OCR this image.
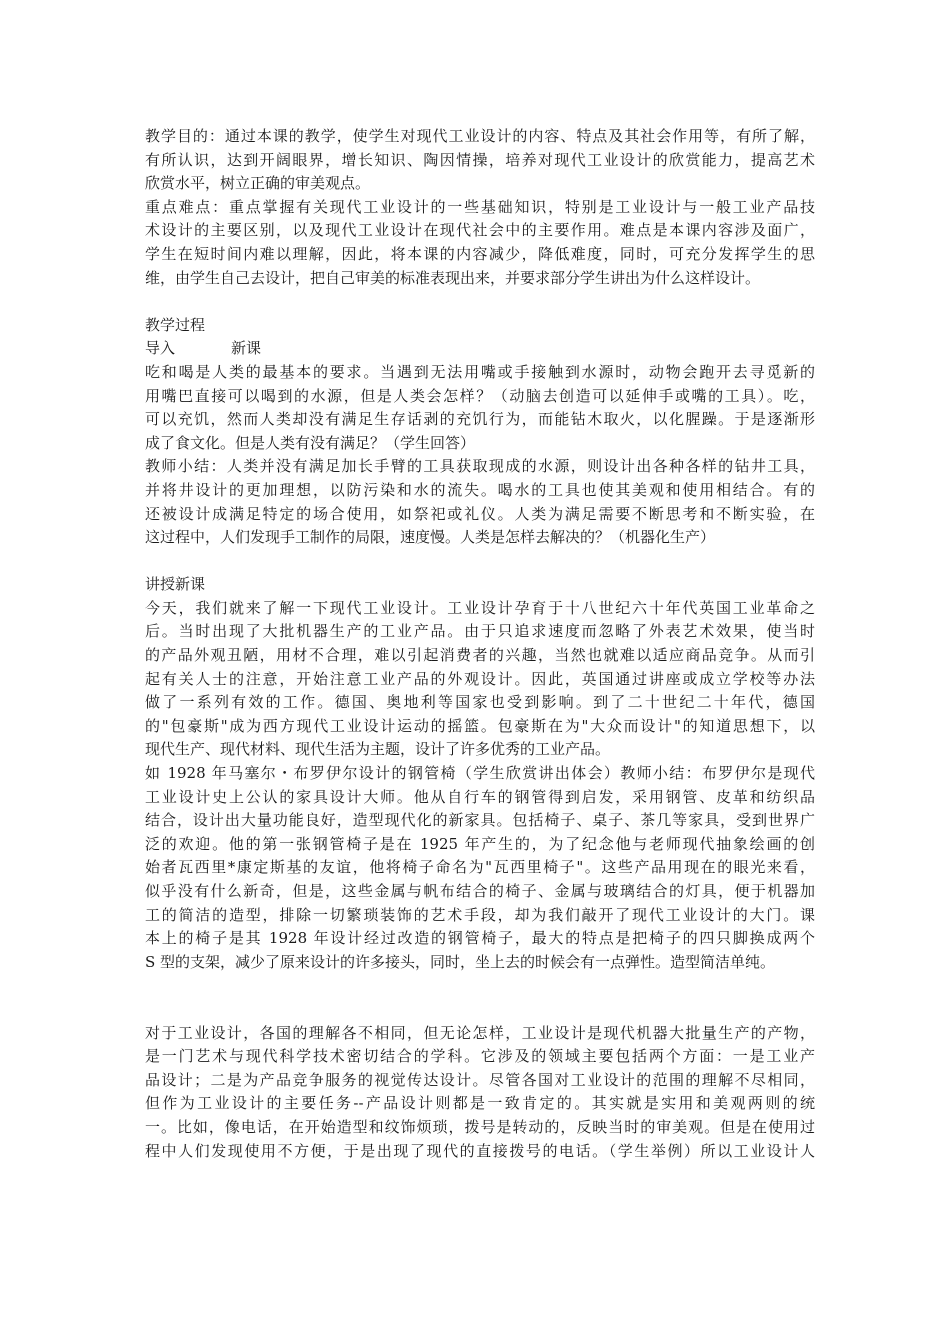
教学目的：通过本课的教学，使学生对现代工业设计的内容、特点及其社会作用等，有所了解，
有所认识，达到开阔眼界，增长知识、陶因情操，培养对现代工业设计的欣赏能力，提高艺术
欣赏水平，树立正确的审美观点。
重点难点：重点掌握有关现代工业设计的一些基础知识，特别是工业设计与一般工业产品技
术设计的主要区别，以及现代工业设计在现代社会中的主要作用。难点是本课内容涉及面广，
学生在短时间内难以理解，因此，将本课的内容减少，降低难度，同时，可充分发挥学生的思
维，由学生自己去设计，把自己审美的标准表现出来，并要求部分学生讲出为什么这样设计。
教学过程
导入	新课
吃和喝是人类的最基本的要求。当遇到无法用嘴或手接触到水源时，动物会跑开去寻觅新的
用嘴巴直接可以喝到的水源，但是人类会怎样？（动脑去创造可以延伸手或嘴的工具）。吃，
可以充饥，然而人类却没有满足生存话剥的充饥行为，而能钻木取火，以化腥躁。于是逐渐形
成了食文化。但是人类有没有满足？（学生回答）
教师小结：人类并没有满足加长手臂的工具获取现成的水源，则设计出各种各样的钻井工具，
并将井设计的更加理想，以防污染和水的流失。喝水的工具也使其美观和使用相结合。有的
还被设计成满足特定的场合使用，如祭祀或礼仪。人类为满足需要不断思考和不断实验，在
这过程中，人们发现手工制作的局限，速度慢。人类是怎样去解决的？（机器化生产）
讲授新课
今天，我们就来了解一下现代工业设计。工业设计孕育于十八世纪六十年代英国工业革命之
后。当时出现了大批机器生产的工业产品。由于只追求速度而忽略了外表艺术效果，使当时
的产品外观丑陋，用材不合理，难以引起消费者的兴趣，当然也就难以适应商品竞争。从而引
起有关人士的注意，开始注意工业产品的外观设计。因此，英国通过讲座或成立学校等办法
做了一系列有效的工作。德国、奥地利等国家也受到影响。到了二十世纪二十年代，德国
的"包豪斯"成为西方现代工业设计运动的摇篮。包豪斯在为"大众而设计"的知道思想下，以
现代生产、现代材料、现代生活为主题，设计了许多优秀的工业产品。
如 1928 年马塞尔・布罗伊尔设计的钢管椅（学生欣赏讲出体会）教师小结：布罗伊尔是现代
工业设计史上公认的家具设计大师。他从自行车的钢管得到启发，采用钢管、皮革和纺织品
结合，设计出大量功能良好，造型现代化的新家具。包括椅子、桌子、茶几等家具，受到世界广
泛的欢迎。他的第一张钢管椅子是在 1925 年产生的，为了纪念他与老师现代抽象绘画的创
始者瓦西里*康定斯基的友谊，他将椅子命名为"瓦西里椅子"。这些产品用现在的眼光来看，
似乎没有什么新奇，但是，这些金属与帆布结合的椅子、金属与玻璃结合的灯具，便于机器加
工的简洁的造型，排除一切繁琐装饰的艺术手段，却为我们敲开了现代工业设计的大门。课
本上的椅子是其 1928 年设计经过改造的钢管椅子，最大的特点是把椅子的四只脚换成两个
S 型的支架，减少了原来设计的许多接头，同时，坐上去的时候会有一点弹性。造型简洁单纯。
对于工业设计，各国的理解各不相同，但无论怎样，工业设计是现代机器大批量生产的产物，
是一门艺术与现代科学技术密切结合的学科。它涉及的领域主要包括两个方面：一是工业产
品设计；二是为产品竞争服务的视觉传达设计。尽管各国对工业设计的范围的理解不尽相同，
但作为工业设计的主要任务--产品设计则都是一致肯定的。其实就是实用和美观两则的统
一。比如，像电话，在开始造型和纹饰烦琐，拨号是转动的，反映当时的审美观。但是在使用过
程中人们发现使用不方便，于是出现了现代的直接拨号的电话。（学生举例）所以工业设计人
